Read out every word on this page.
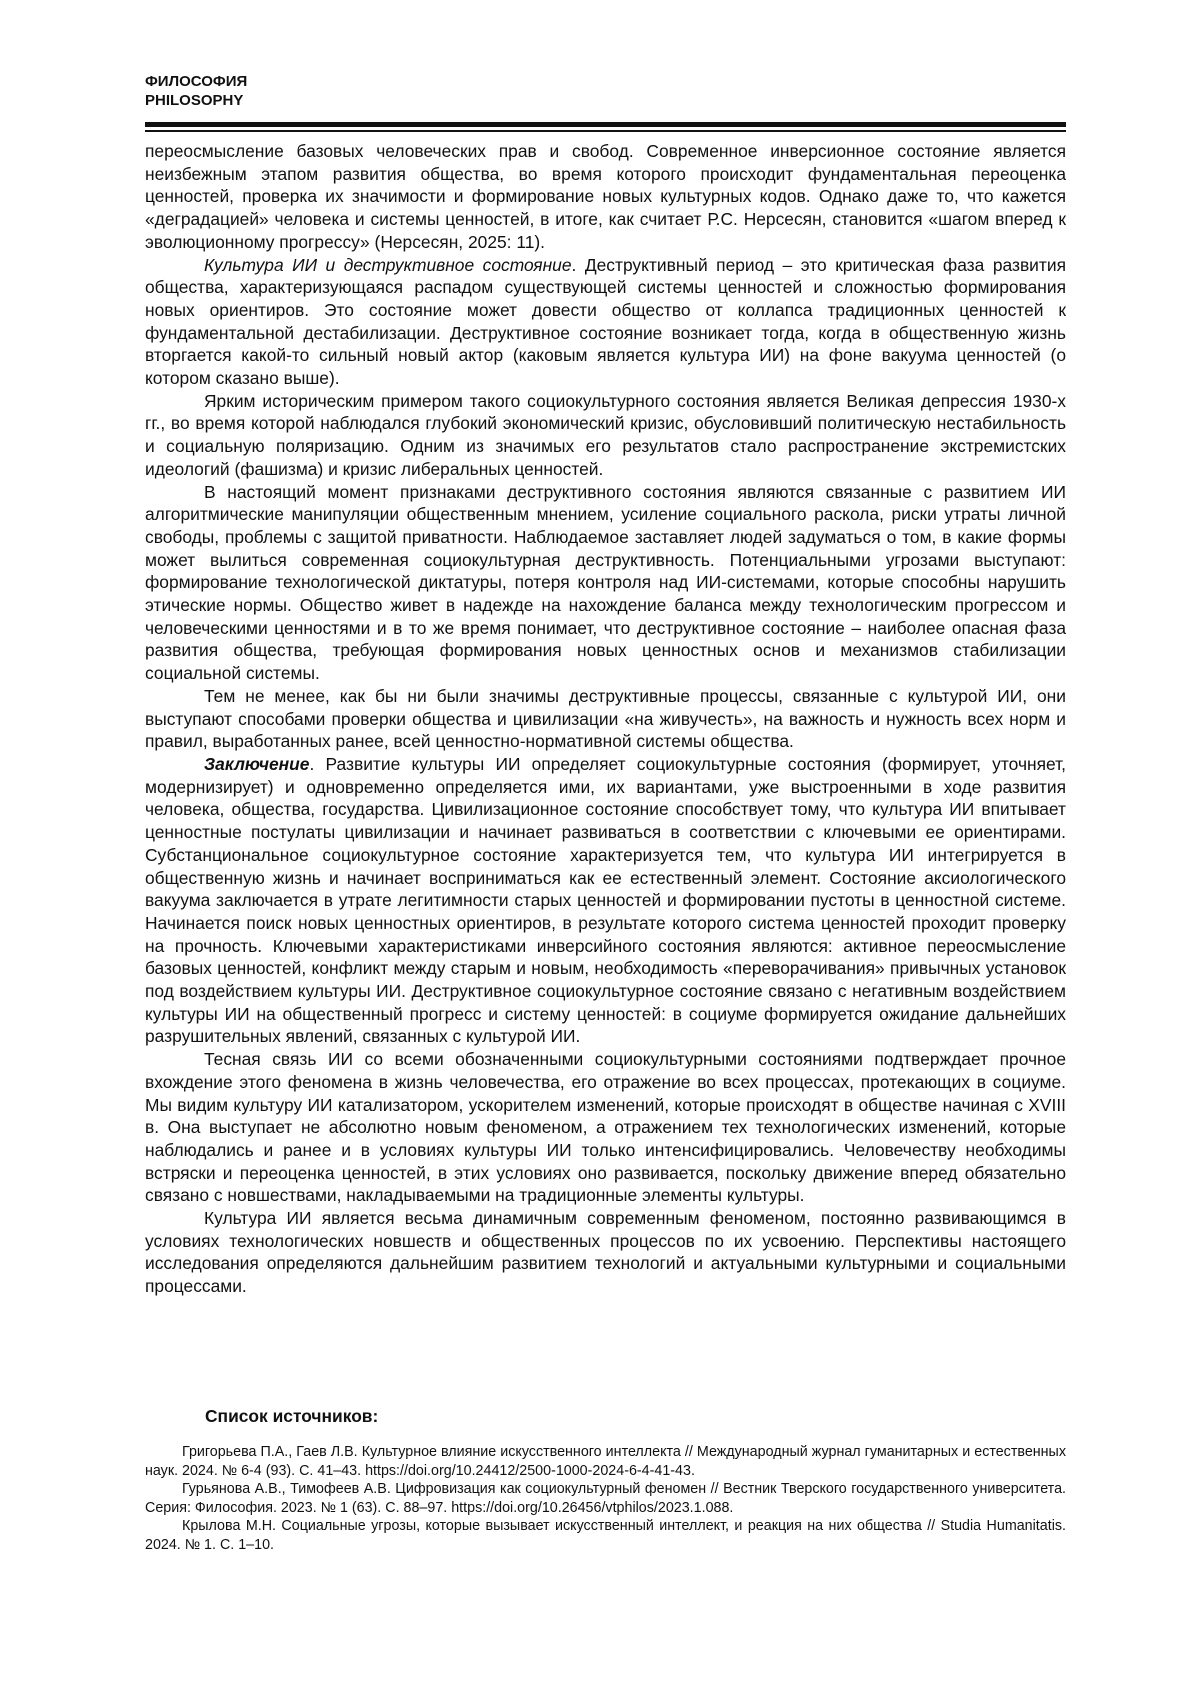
ФИЛОСОФИЯ
PHILOSOPHY

переосмысление базовых человеческих прав и свобод. Современное инверсионное состояние является неизбежным этапом развития общества, во время которого происходит фундаментальная переоценка ценностей, проверка их значимости и формирование новых культурных кодов. Однако даже то, что кажется «деградацией» человека и системы ценностей, в итоге, как считает Р.С. Нерсесян, становится «шагом вперед к эволюционному прогрессу» (Нерсесян, 2025: 11).

Культура ИИ и деструктивное состояние. Деструктивный период – это критическая фаза развития общества, характеризующаяся распадом существующей системы ценностей и сложностью формирования новых ориентиров. Это состояние может довести общество от коллапса традиционных ценностей к фундаментальной дестабилизации. Деструктивное состояние возникает тогда, когда в общественную жизнь вторгается какой-то сильный новый актор (каковым является культура ИИ) на фоне вакуума ценностей (о котором сказано выше).

Ярким историческим примером такого социокультурного состояния является Великая депрессия 1930-х гг., во время которой наблюдался глубокий экономический кризис, обусловивший политическую нестабильность и социальную поляризацию. Одним из значимых его результатов стало распространение экстремистских идеологий (фашизма) и кризис либеральных ценностей.

В настоящий момент признаками деструктивного состояния являются связанные с развитием ИИ алгоритмические манипуляции общественным мнением, усиление социального раскола, риски утраты личной свободы, проблемы с защитой приватности. Наблюдаемое заставляет людей задуматься о том, в какие формы может вылиться современная социокультурная деструктивность. Потенциальными угрозами выступают: формирование технологической диктатуры, потеря контроля над ИИ-системами, которые способны нарушить этические нормы. Общество живет в надежде на нахождение баланса между технологическим прогрессом и человеческими ценностями и в то же время понимает, что деструктивное состояние – наиболее опасная фаза развития общества, требующая формирования новых ценностных основ и механизмов стабилизации социальной системы.

Тем не менее, как бы ни были значимы деструктивные процессы, связанные с культурой ИИ, они выступают способами проверки общества и цивилизации «на живучесть», на важность и нужность всех норм и правил, выработанных ранее, всей ценностно-нормативной системы общества.

Заключение. Развитие культуры ИИ определяет социокультурные состояния (формирует, уточняет, модернизирует) и одновременно определяется ими, их вариантами, уже выстроенными в ходе развития человека, общества, государства. Цивилизационное состояние способствует тому, что культура ИИ впитывает ценностные постулаты цивилизации и начинает развиваться в соответствии с ключевыми ее ориентирами. Субстанциональное социокультурное состояние характеризуется тем, что культура ИИ интегрируется в общественную жизнь и начинает восприниматься как ее естественный элемент. Состояние аксиологического вакуума заключается в утрате легитимности старых ценностей и формировании пустоты в ценностной системе. Начинается поиск новых ценностных ориентиров, в результате которого система ценностей проходит проверку на прочность. Ключевыми характеристиками инверсийного состояния являются: активное переосмысление базовых ценностей, конфликт между старым и новым, необходимость «переворачивания» привычных установок под воздействием культуры ИИ. Деструктивное социокультурное состояние связано с негативным воздействием культуры ИИ на общественный прогресс и систему ценностей: в социуме формируется ожидание дальнейших разрушительных явлений, связанных с культурой ИИ.

Тесная связь ИИ со всеми обозначенными социокультурными состояниями подтверждает прочное вхождение этого феномена в жизнь человечества, его отражение во всех процессах, протекающих в социуме. Мы видим культуру ИИ катализатором, ускорителем изменений, которые происходят в обществе начиная с XVIII в. Она выступает не абсолютно новым феноменом, а отражением тех технологических изменений, которые наблюдались и ранее и в условиях культуры ИИ только интенсифицировались. Человечеству необходимы встряски и переоценка ценностей, в этих условиях оно развивается, поскольку движение вперед обязательно связано с новшествами, накладываемыми на традиционные элементы культуры.

Культура ИИ является весьма динамичным современным феноменом, постоянно развивающимся в условиях технологических новшеств и общественных процессов по их усвоению. Перспективы настоящего исследования определяются дальнейшим развитием технологий и актуальными культурными и социальными процессами.

Список источников:

Григорьева П.А., Гаев Л.В. Культурное влияние искусственного интеллекта // Международный журнал гуманитарных и естественных наук. 2024. № 6-4 (93). С. 41–43. https://doi.org/10.24412/2500-1000-2024-6-4-41-43.

Гурьянова А.В., Тимофеев А.В. Цифровизация как социокультурный феномен // Вестник Тверского государственного университета. Серия: Философия. 2023. № 1 (63). С. 88–97. https://doi.org/10.26456/vtphilos/2023.1.088.

Крылова М.Н. Социальные угрозы, которые вызывает искусственный интеллект, и реакция на них общества // Studia Humanitatis. 2024. № 1. С. 1–10.
